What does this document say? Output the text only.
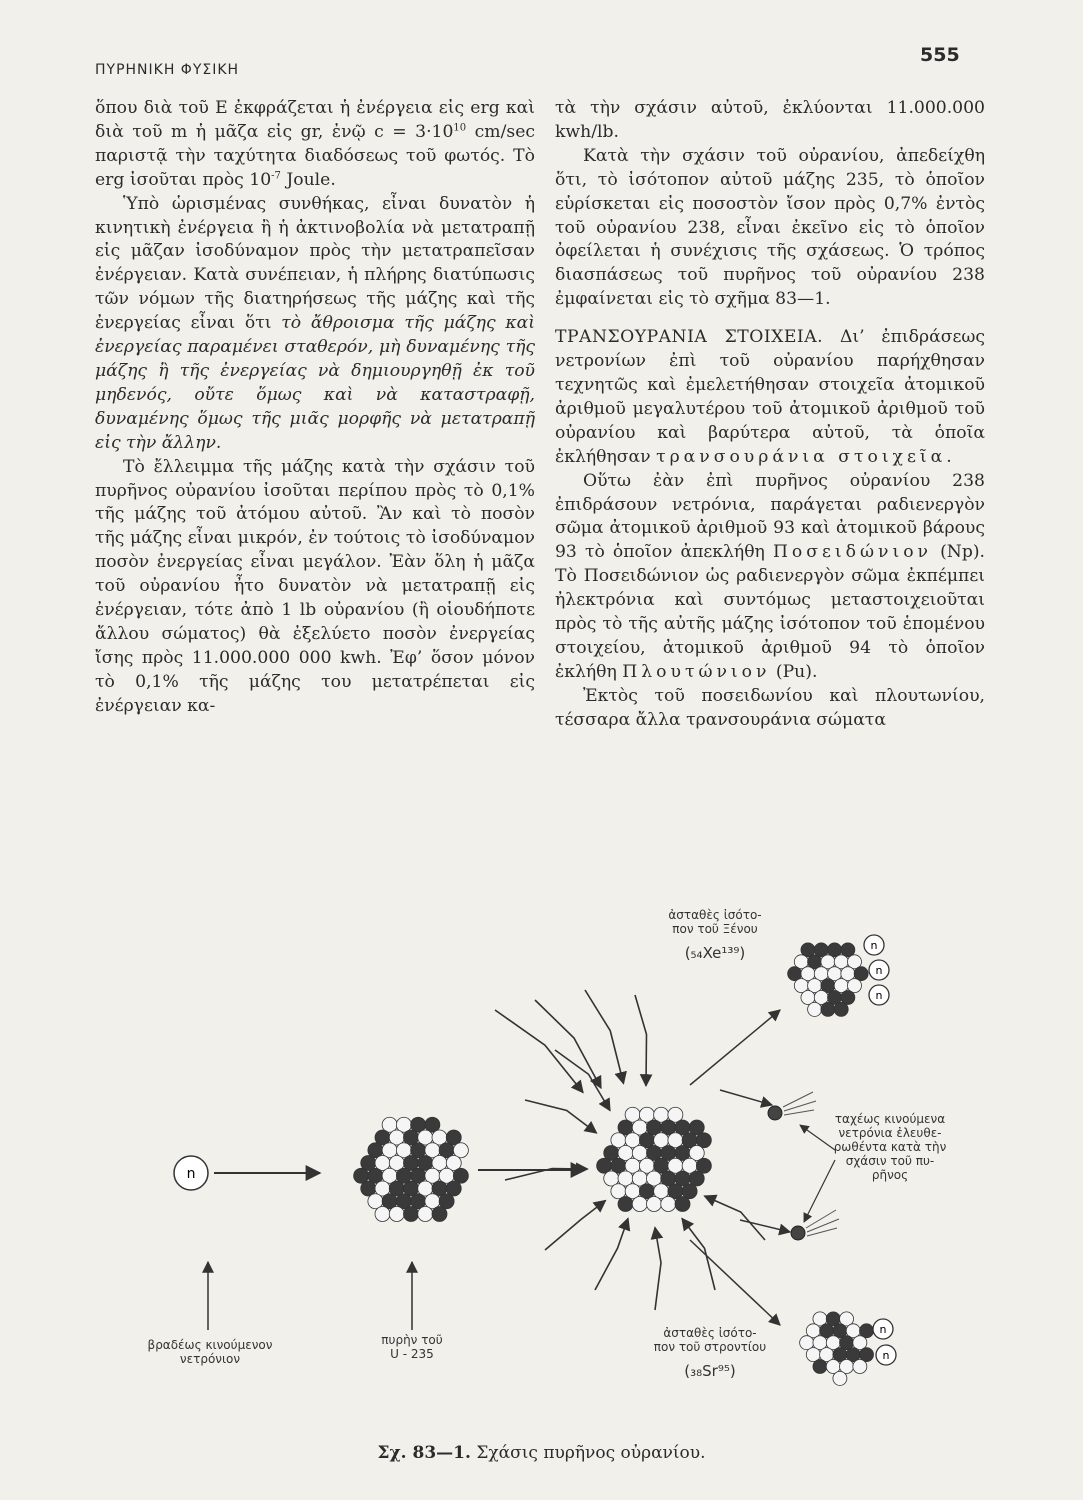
ΠΥΡΗΝΙΚΗ ΦΥΣΙΚΗ
555

ὅπου διὰ τοῦ E ἐκφράζεται ἡ ἐνέργεια εἰς erg καὶ διὰ τοῦ m ἡ μᾶζα εἰς gr, ἐνῷ $c = 3\cdot 10^{10}$ cm/sec παριστᾷ τὴν ταχύτητα διαδόσεως τοῦ φωτός. Τὸ erg ἰσοῦται πρὸς $10^{-7}$ Joule.

Ὑπὸ ὡρισμένας συνθήκας, εἶναι δυνατὸν ἡ κινητικὴ ἐνέργεια ἢ ἡ ἀκτινοβολία νὰ μετατραπῇ εἰς μᾶζαν ἰσοδύναμον πρὸς τὴν μετατραπεῖσαν ἐνέργειαν. Κατὰ συνέπειαν, ἡ πλήρης διατύπωσις τῶν νόμων τῆς διατηρήσεως τῆς μάζης καὶ τῆς ἐνεργείας εἶναι ὅτι τὸ ἄθροισμα τῆς μάζης καὶ ἐνεργείας παραμένει σταθερόν, μὴ δυναμένης τῆς μάζης ἢ τῆς ἐνεργείας νὰ δημιουργηθῇ ἐκ τοῦ μηδενός, οὔτε ὅμως καὶ νὰ καταστραφῇ, δυναμένης ὅμως τῆς μιᾶς μορφῆς νὰ μετατραπῇ εἰς τὴν ἄλλην.

Τὸ ἔλλειμμα τῆς μάζης κατὰ τὴν σχάσιν τοῦ πυρῆνος οὐρανίου ἰσοῦται περίπου πρὸς τὸ 0,1% τῆς μάζης τοῦ ἀτόμου αὐτοῦ. Ἂν καὶ τὸ ποσὸν τῆς μάζης εἶναι μικρόν, ἐν τούτοις τὸ ἰσοδύναμον ποσὸν ἐνεργείας εἶναι μεγάλον. Ἐὰν ὅλη ἡ μᾶζα τοῦ οὐρανίου ἦτο δυνατὸν νὰ μετατραπῇ εἰς ἐνέργειαν, τότε ἀπὸ 1 lb οὐρανίου (ἢ οἱουδήποτε ἄλλου σώματος) θὰ ἐξελύετο ποσὸν ἐνεργείας ἴσης πρὸς 11.000.000 000 kwh. Ἐφ’ ὅσον μόνον τὸ 0,1% τῆς μάζης του μετατρέπεται εἰς ἐνέργειαν κα-

τὰ τὴν σχάσιν αὐτοῦ, ἐκλύονται 11.000.000 kwh/lb.

Κατὰ τὴν σχάσιν τοῦ οὐρανίου, ἀπεδείχθη ὅτι, τὸ ἰσότοπον αὐτοῦ μάζης 235, τὸ ὁποῖον εὑρίσκεται εἰς ποσοστὸν ἴσον πρὸς 0,7% ἐντὸς τοῦ οὐρανίου 238, εἶναι ἐκεῖνο εἰς τὸ ὁποῖον ὀφείλεται ἡ συνέχισις τῆς σχάσεως. Ὁ τρόπος διασπάσεως τοῦ πυρῆνος τοῦ οὐρανίου 238 ἐμφαίνεται εἰς τὸ σχῆμα 83—1.

ΤΡΑΝΣΟΥΡΑΝΙΑ ΣΤΟΙΧΕΙΑ. Δι’ ἐπιδράσεως νετρονίων ἐπὶ τοῦ οὐρανίου παρήχθησαν τεχνητῶς καὶ ἐμελετήθησαν στοιχεῖα ἀτομικοῦ ἀριθμοῦ μεγαλυτέρου τοῦ ἀτομικοῦ ἀριθμοῦ τοῦ οὐρανίου καὶ βαρύτερα αὐτοῦ, τὰ ὁποῖα ἐκλήθησαν τρανσουράνια στοιχεῖα.

Οὕτω ἐὰν ἐπὶ πυρῆνος οὐρανίου 238 ἐπιδράσουν νετρόνια, παράγεται ραδιενεργὸν σῶμα ἀτομικοῦ ἀριθμοῦ 93 καὶ ἀτομικοῦ βάρους 93 τὸ ὁποῖον ἀπεκλήθη Ποσειδώνιον (Np). Τὸ Ποσειδώνιον ὡς ραδιενεργὸν σῶμα ἐκπέμπει ἠλεκτρόνια καὶ συντόμως μεταστοιχειοῦται πρὸς τὸ τῆς αὐτῆς μάζης ἰσότοπον τοῦ ἑπομένου στοιχείου, ἀτομικοῦ ἀριθμοῦ 94 τὸ ὁποῖον ἐκλήθη Πλουτώνιον (Pu).

Ἐκτὸς τοῦ ποσειδωνίου καὶ πλουτωνίου, τέσσαρα ἄλλα τρανσουράνια σώματα

n
n
n
n
n
n
ἀσταθὲς ἰσότο-
πον τοῦ Ξένου
(₅₄Xe¹³⁹)
ταχέως κινούμενα
νετρόνια ἐλευθε-
ρωθέντα κατὰ τὴν
σχάσιν τοῦ πυ-
ρῆνος
βραδέως κινούμενον
νετρόνιον
πυρὴν τοῦ
U - 235
ἀσταθὲς ἰσότο-
πον τοῦ στροντίου
(₃₈Sr⁹⁵)
Σχ. 83—1. Σχάσις πυρῆνος οὐρανίου.
